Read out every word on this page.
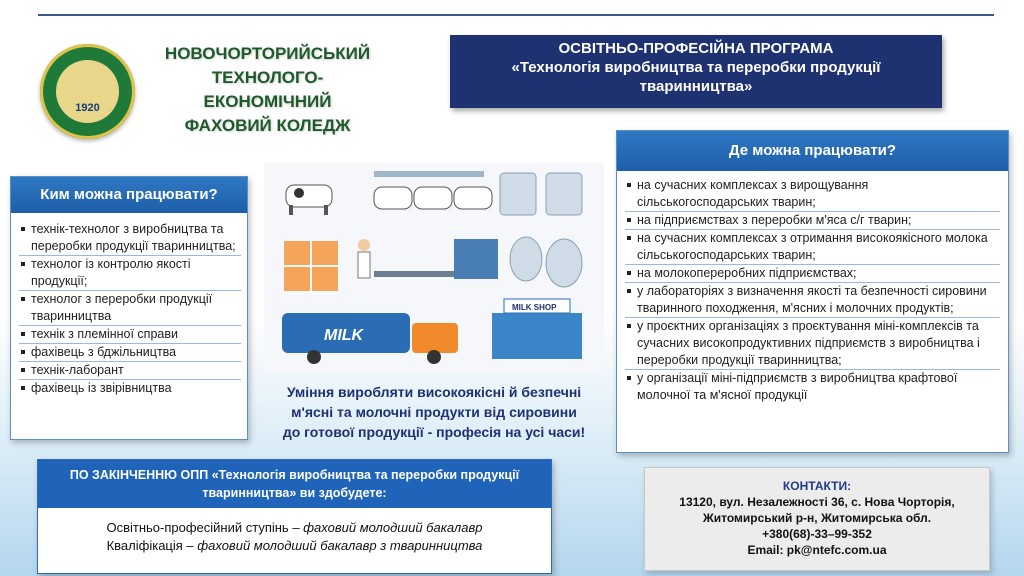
1920
НОВОЧОРТОРИЙСЬКИЙ
ТЕХНОЛОГО-
ЕКОНОМІЧНИЙ
ФАХОВИЙ КОЛЕДЖ
ОСВІТНЬО-ПРОФЕСІЙНА ПРОГРАМА
«Технологія виробництва та переробки продукції
тваринництва»
Ким можна працювати?
технік-технолог з виробництва та переробки продукції тваринництва;
технолог із контролю якості продукції;
технолог з переробки продукції тваринництва
технік з племінної справи
фахівець з бджільництва
технік-лаборант
фахівець із звірівництва
MILK
MILK SHOP
Уміння виробляти високоякісні й безпечні
м'ясні та молочні продукти від сировини
до готової продукції - професія на усі часи!
Де можна працювати?
на сучасних комплексах з вирощування сільськогосподарських тварин;
на підприємствах з переробки м'яса с/г тварин;
на сучасних комплексах з отримання високоякісного молока сільськогосподарських тварин;
на молокопереробних підприємствах;
у лабораторіях з визначення якості та безпечності сировини тваринного походження, м'ясних і молочних продуктів;
у проєктних організаціях з проєктування міні-комплексів та сучасних високопродуктивних підприємств з виробництва і переробки продукції тваринництва;
у організації міні-підприємств з виробництва крафтової молочної та м'ясної продукції
ПО ЗАКІНЧЕННЮ ОПП «Технологія виробництва та переробки продукції
тваринництва» ви здобудете:
Освітньо-професійний ступінь – фаховий молодший бакалавр
Кваліфікація – фаховий молодший бакалавр з тваринництва
КОНТАКТИ:
13120, вул. Незалежності 36, с. Нова Чорторія,
Житомирський р-н, Житомирська обл.
+380(68)-33–99-352
Email: pk@ntefc.com.ua
